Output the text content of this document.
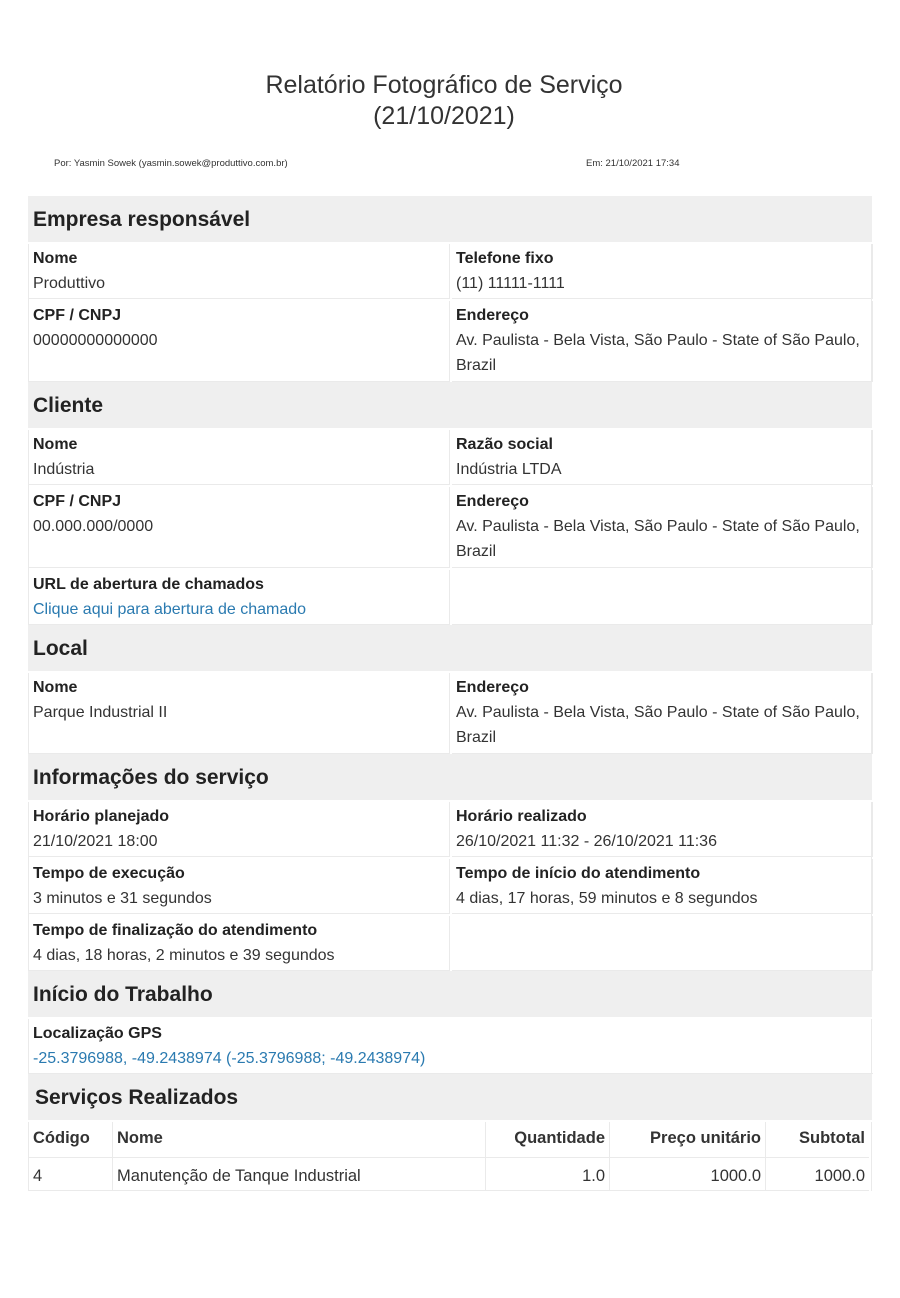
Relatório Fotográfico de Serviço
(21/10/2021)
Por: Yasmin Sowek (yasmin.sowek@produttivo.com.br)	Em: 21/10/2021 17:34
Empresa responsável
Nome
Produttivo
Telefone fixo
(11) 11111-1111
CPF / CNPJ
00000000000000
Endereço
Av. Paulista - Bela Vista, São Paulo - State of São Paulo, Brazil
Cliente
Nome
Indústria
Razão social
Indústria LTDA
CPF / CNPJ
00.000.000/0000
Endereço
Av. Paulista - Bela Vista, São Paulo - State of São Paulo, Brazil
URL de abertura de chamados
Clique aqui para abertura de chamado
Local
Nome
Parque Industrial II
Endereço
Av. Paulista - Bela Vista, São Paulo - State of São Paulo, Brazil
Informações do serviço
Horário planejado
21/10/2021 18:00
Horário realizado
26/10/2021 11:32 - 26/10/2021 11:36
Tempo de execução
3 minutos e 31 segundos
Tempo de início do atendimento
4 dias, 17 horas, 59 minutos e 8 segundos
Tempo de finalização do atendimento
4 dias, 18 horas, 2 minutos e 39 segundos
Início do Trabalho
Localização GPS
-25.3796988, -49.2438974 (-25.3796988; -49.2438974)
Serviços Realizados
Código	Nome	Quantidade	Preço unitário	Subtotal
4	Manutenção de Tanque Industrial	1.0	1000.0	1000.0
